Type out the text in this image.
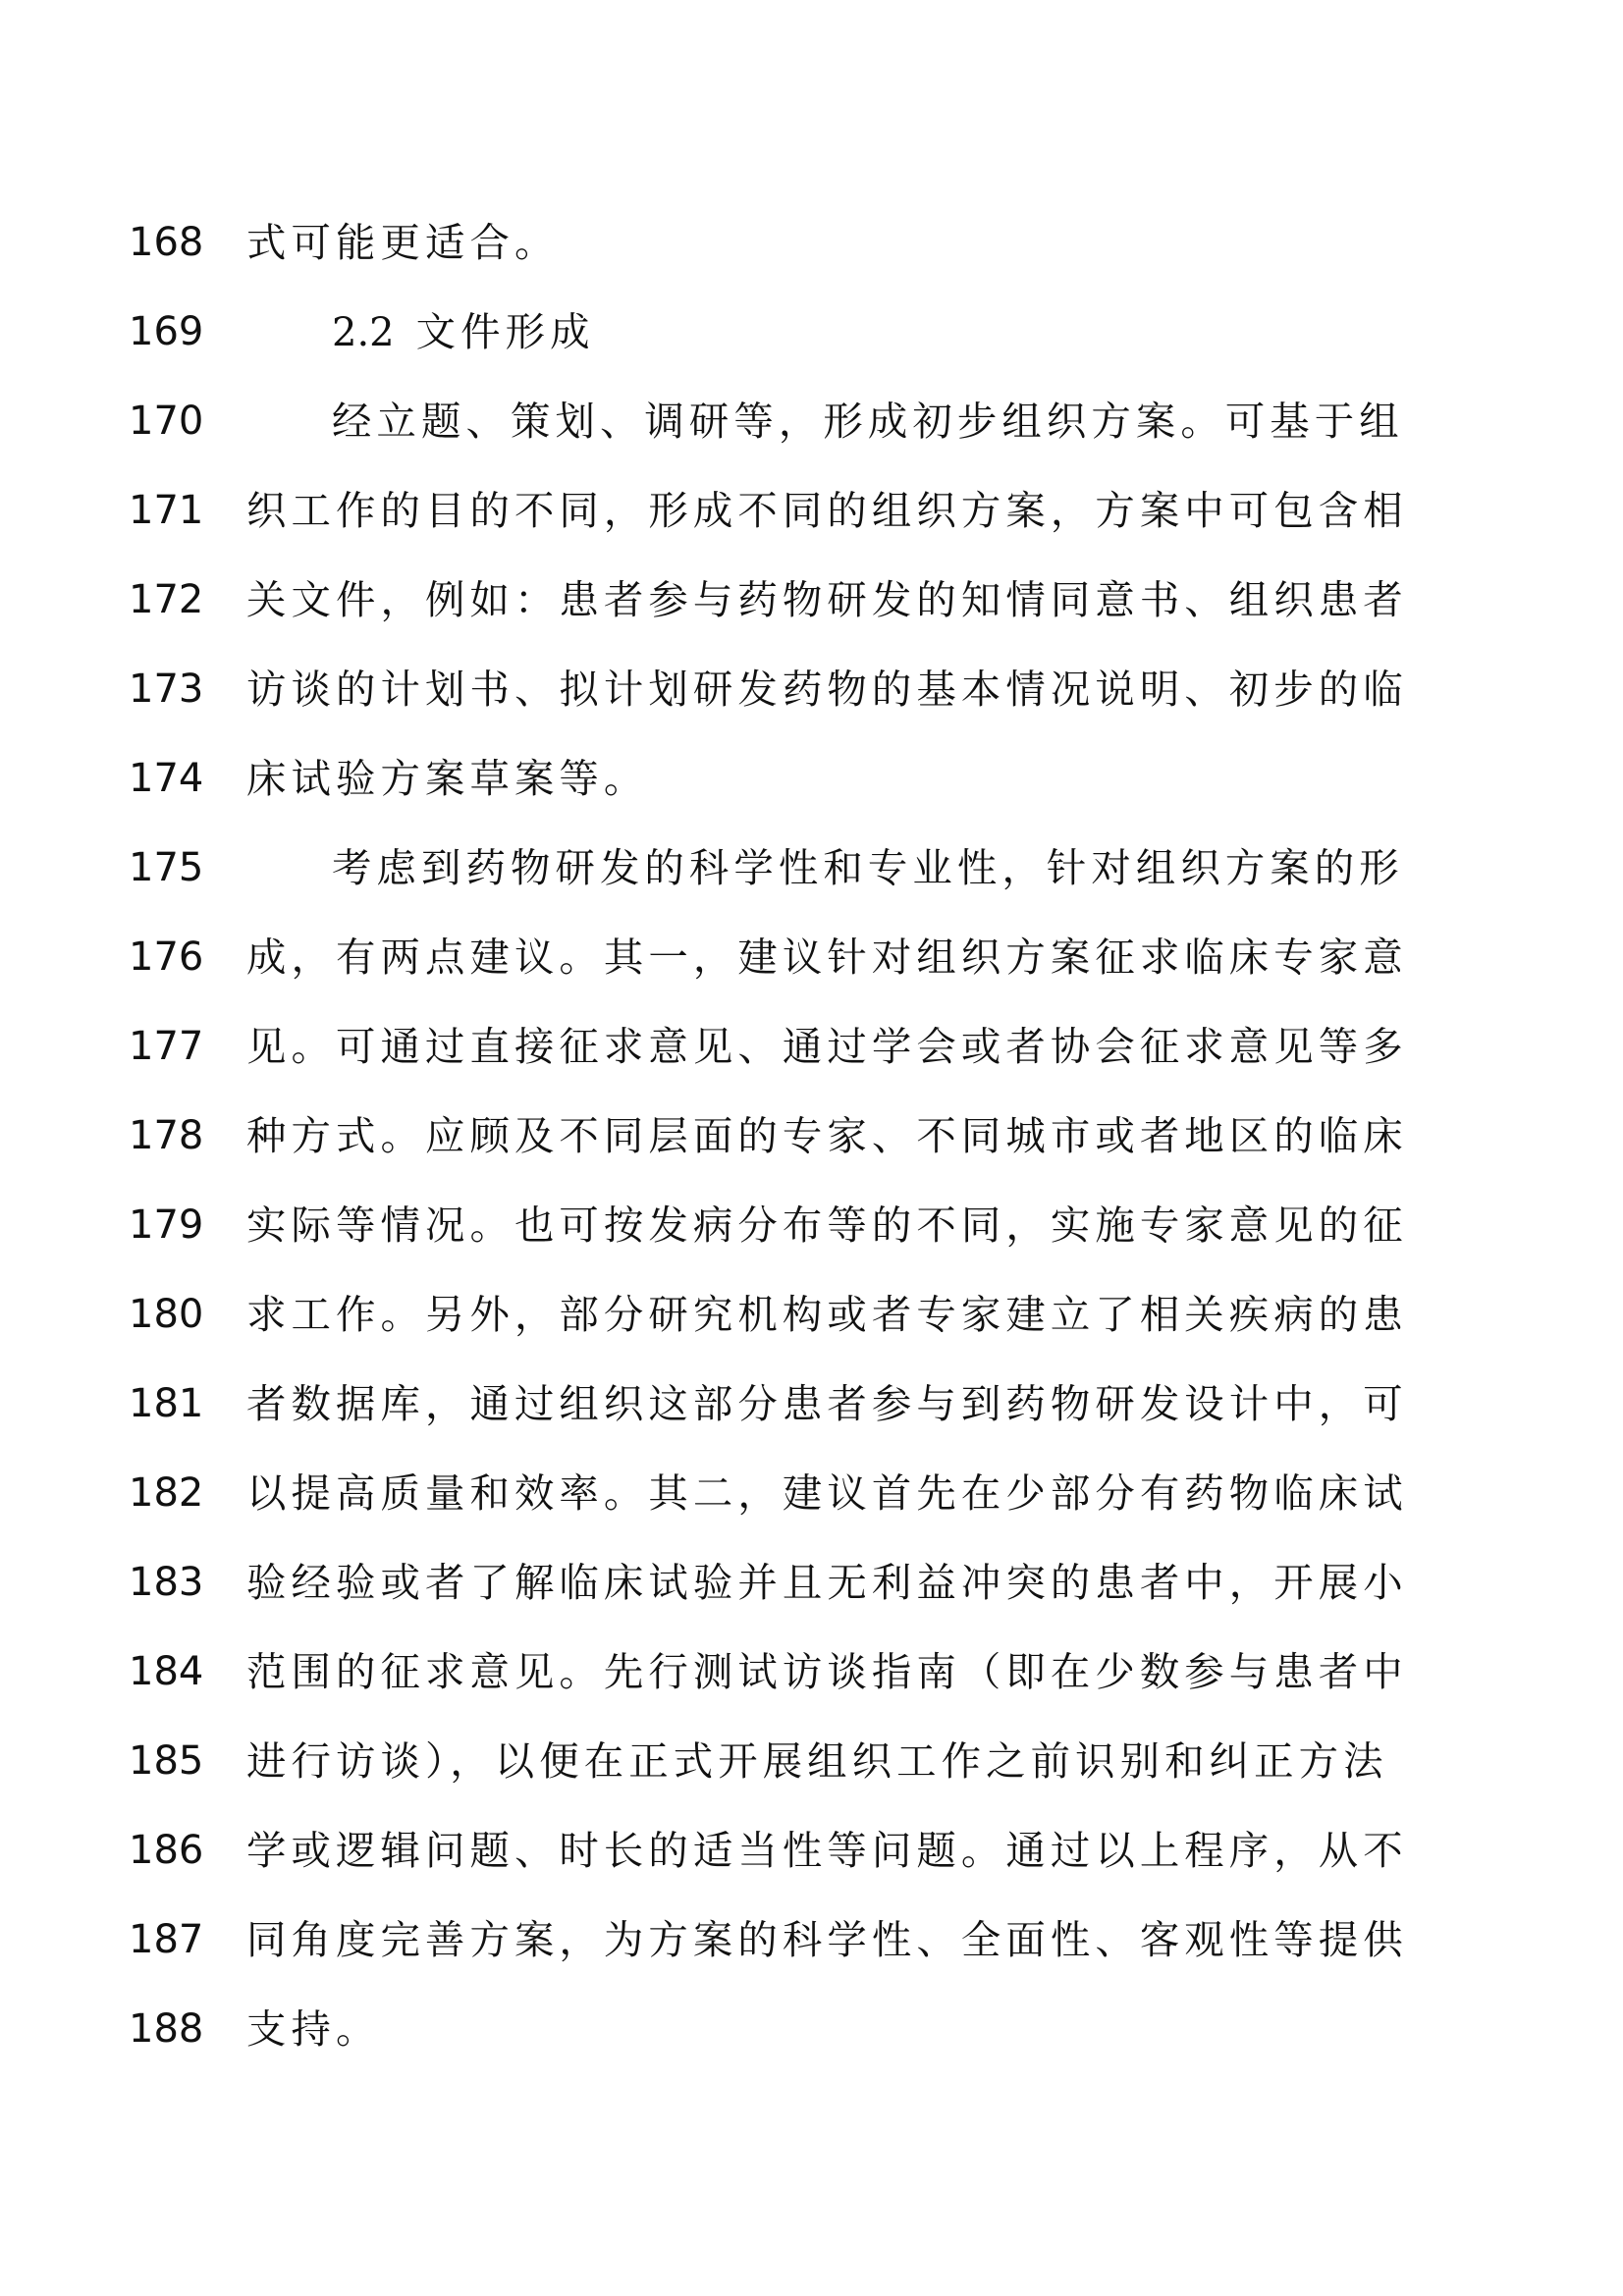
168 式可能更适合。
169	2.2 文件形成
170	经立题、策划、调研等，形成初步组织方案。可基于组
171 织工作的目的不同，形成不同的组织方案，方案中可包含相
172 关文件，例如：患者参与药物研发的知情同意书、组织患者
173 访谈的计划书、拟计划研发药物的基本情况说明、初步的临
174 床试验方案草案等。
175	考虑到药物研发的科学性和专业性，针对组织方案的形
176 成，有两点建议。其一，建议针对组织方案征求临床专家意
177 见。可通过直接征求意见、通过学会或者协会征求意见等多
178 种方式。应顾及不同层面的专家、不同城市或者地区的临床
179 实际等情况。也可按发病分布等的不同，实施专家意见的征
180 求工作。另外，部分研究机构或者专家建立了相关疾病的患
181 者数据库，通过组织这部分患者参与到药物研发设计中，可
182 以提高质量和效率。其二，建议首先在少部分有药物临床试
183 验经验或者了解临床试验并且无利益冲突的患者中，开展小
184 范围的征求意见。先行测试访谈指南（即在少数参与患者中
185 进行访谈），以便在正式开展组织工作之前识别和纠正方法
186 学或逻辑问题、时长的适当性等问题。通过以上程序，从不
187 同角度完善方案，为方案的科学性、全面性、客观性等提供
188 支持。
